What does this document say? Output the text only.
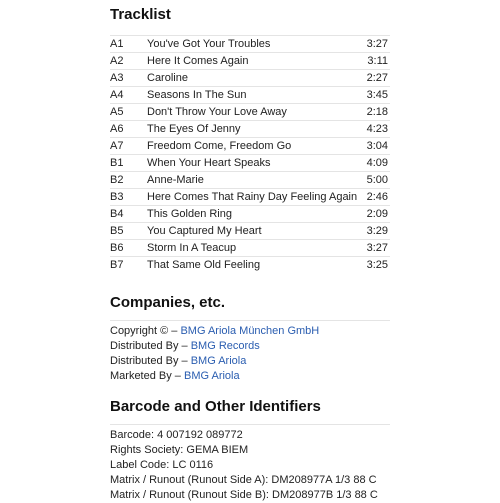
Tracklist
A1	You've Got Your Troubles	3:27
A2	Here It Comes Again	3:11
A3	Caroline	2:27
A4	Seasons In The Sun	3:45
A5	Don't Throw Your Love Away	2:18
A6	The Eyes Of Jenny	4:23
A7	Freedom Come, Freedom Go	3:04
B1	When Your Heart Speaks	4:09
B2	Anne-Marie	5:00
B3	Here Comes That Rainy Day Feeling Again	2:46
B4	This Golden Ring	2:09
B5	You Captured My Heart	3:29
B6	Storm In A Teacup	3:27
B7	That Same Old Feeling	3:25
Companies, etc.
Copyright © – BMG Ariola München GmbH
Distributed By – BMG Records
Distributed By – BMG Ariola
Marketed By – BMG Ariola
Barcode and Other Identifiers
Barcode: 4 007192 089772
Rights Society: GEMA BIEM
Label Code: LC 0116
Matrix / Runout (Runout Side A): DM208977A 1/3 88 C
Matrix / Runout (Runout Side B): DM208977B 1/3 88 C
